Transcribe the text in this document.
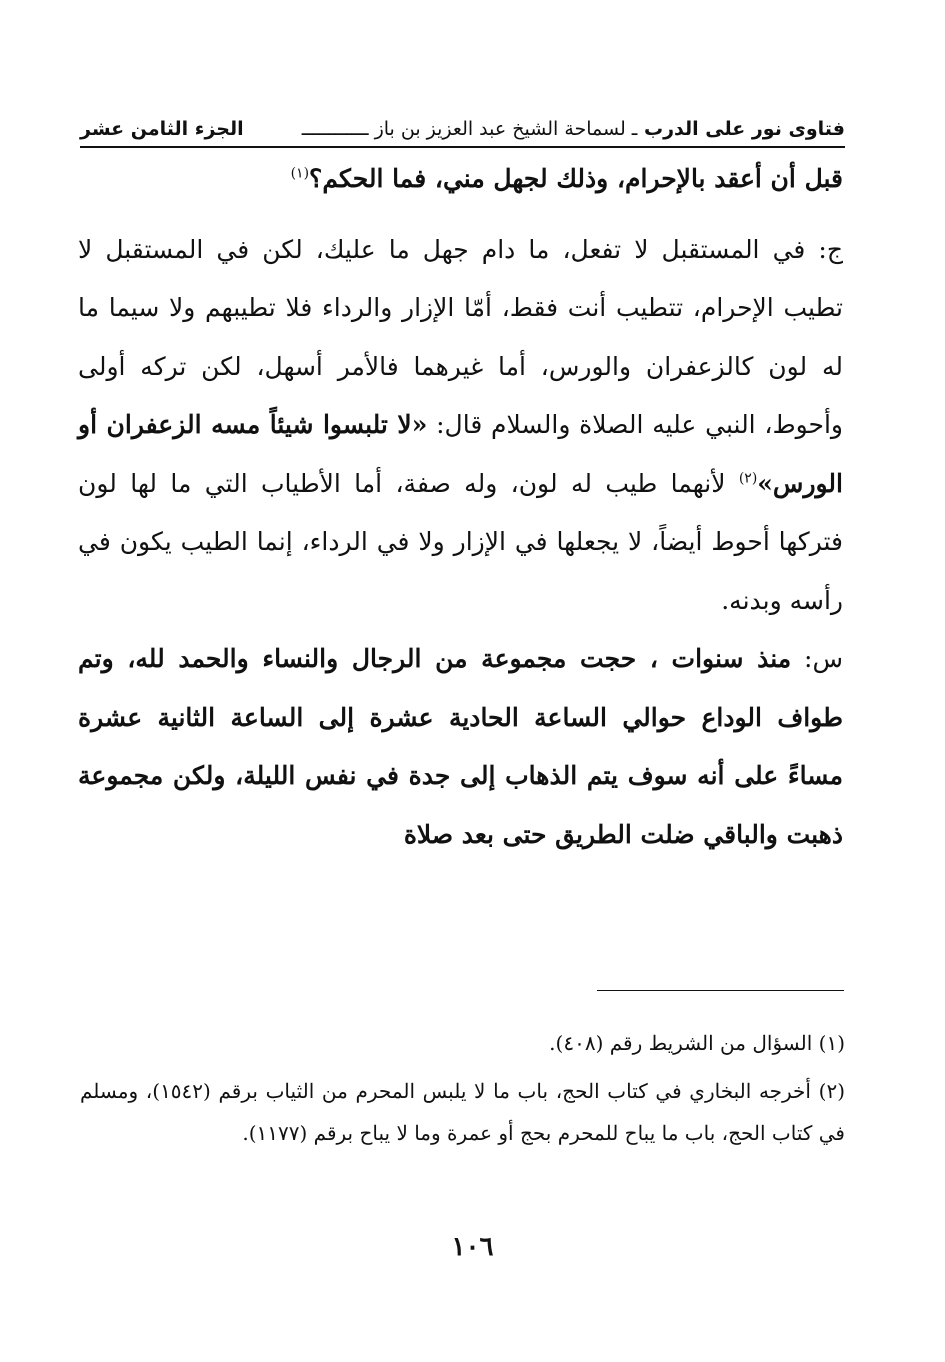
فتاوى نور على الدرب ـ لسماحة الشيخ عبد العزيز بن باز ــــــــــــ
الجزء الثامن عشر

قبل أن أعقد بالإحرام، وذلك لجهل مني، فما الحكم؟$^{(١)}$

ج: في المستقبل لا تفعل، ما دام جهل ما عليك، لكن في المستقبل لا تطيب الإحرام، تتطيب أنت فقط، أمّا الإزار والرداء فلا تطيبهم ولا سيما ما له لون كالزعفران والورس، أما غيرهما فالأمر أسهل، لكن تركه أولى وأحوط، النبي عليه الصلاة والسلام قال: «لا تلبسوا شيئاً مسه الزعفران أو الورس»$^{(٢)}$ لأنهما طيب له لون، وله صفة، أما الأطياب التي ما لها لون فتركها أحوط أيضاً، لا يجعلها في الإزار ولا في الرداء، إنما الطيب يكون في رأسه وبدنه.

س: منذ سنوات ، حجت مجموعة من الرجال والنساء والحمد لله، وتم طواف الوداع حوالي الساعة الحادية عشرة إلى الساعة الثانية عشرة مساءً على أنه سوف يتم الذهاب إلى جدة في نفس الليلة، ولكن مجموعة ذهبت والباقي ضلت الطريق حتى بعد صلاة

(١) السؤال من الشريط رقم (٤٠٨).

(٢) أخرجه البخاري في كتاب الحج، باب ما لا يلبس المحرم من الثياب برقم (١٥٤٢)، ومسلم في كتاب الحج، باب ما يباح للمحرم بحج أو عمرة وما لا يباح برقم (١١٧٧).

١٠٦
